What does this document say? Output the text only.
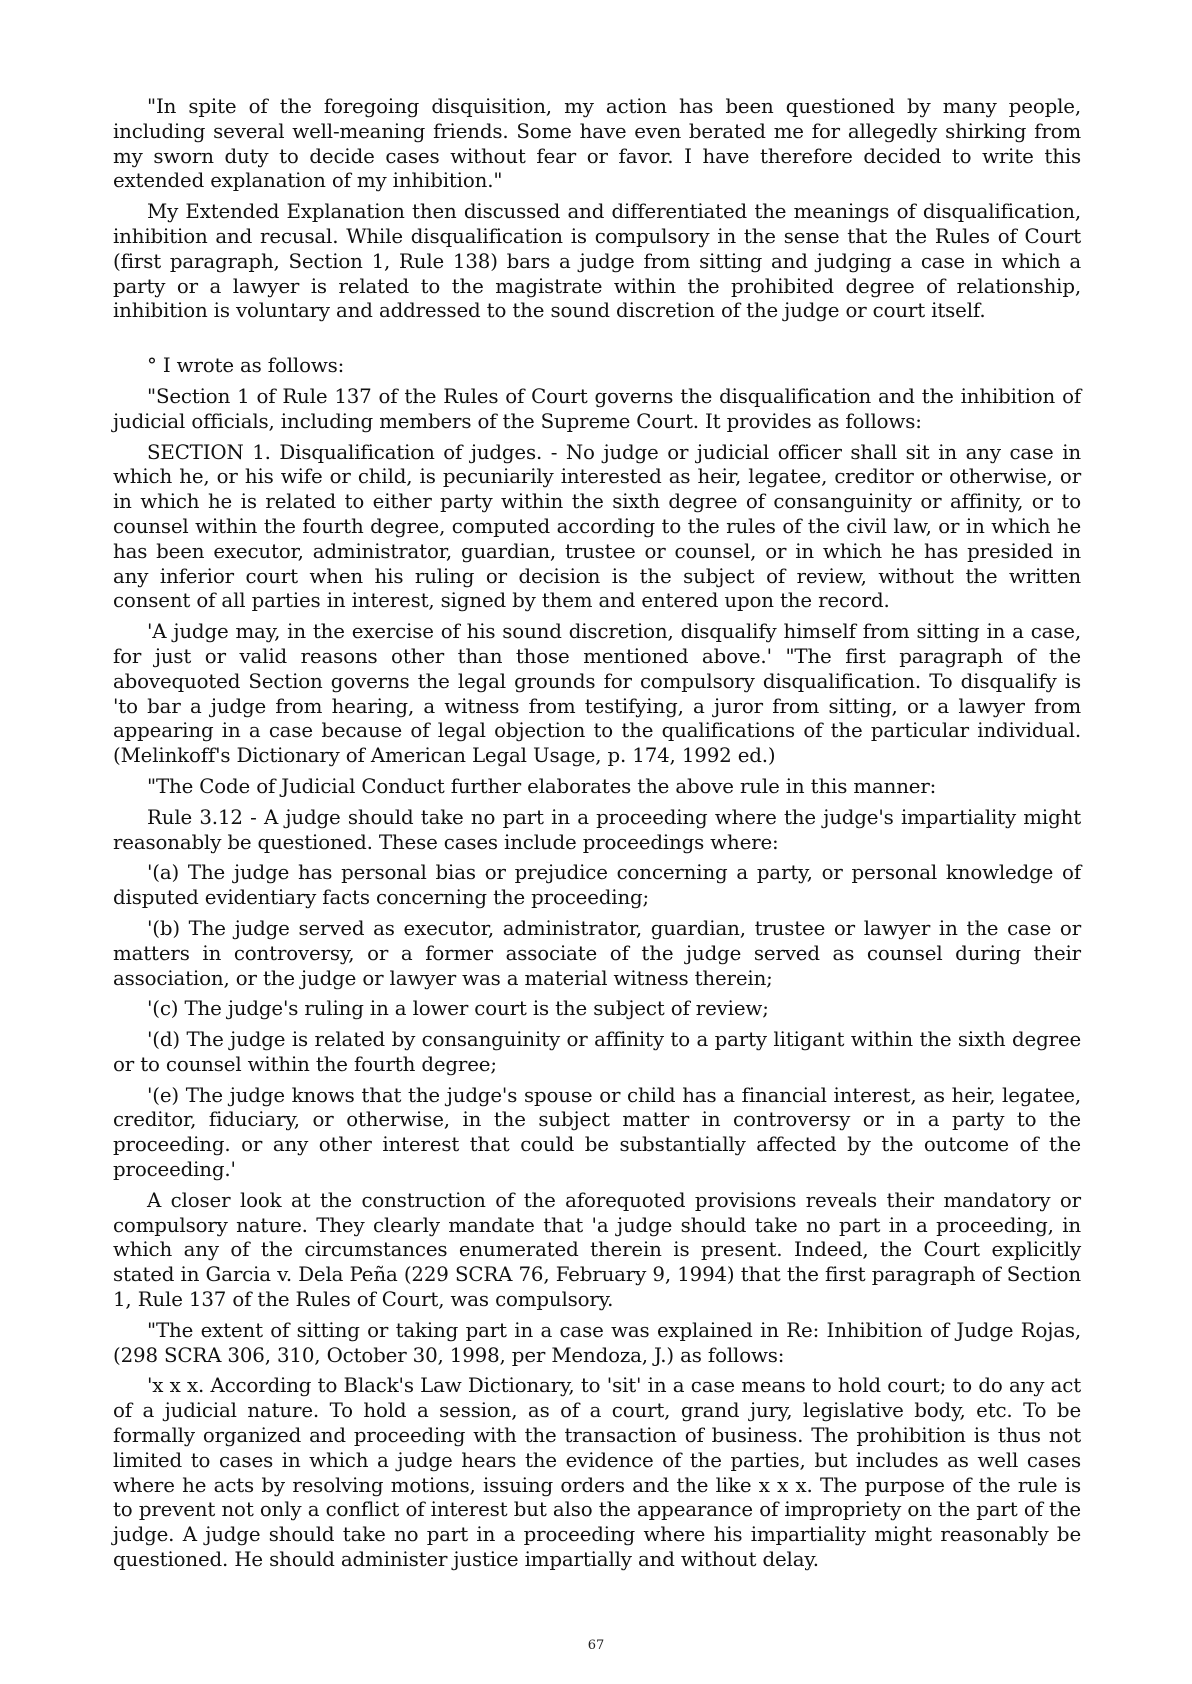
"In spite of the foregoing disquisition, my action has been questioned by many people, including several well-meaning friends. Some have even berated me for allegedly shirking from my sworn duty to decide cases without fear or favor. I have therefore decided to write this extended explanation of my inhibition."

My Extended Explanation then discussed and differentiated the meanings of disqualification, inhibition and recusal. While disqualification is compulsory in the sense that the Rules of Court (first paragraph, Section 1, Rule 138) bars a judge from sitting and judging a case in which a party or a lawyer is related to the magistrate within the prohibited degree of relationship, inhibition is voluntary and addressed to the sound discretion of the judge or court itself.

° I wrote as follows:

"Section 1 of Rule 137 of the Rules of Court governs the disqualification and the inhibition of judicial officials, including members of the Supreme Court. It provides as follows:

SECTION 1. Disqualification of judges. - No judge or judicial officer shall sit in any case in which he, or his wife or child, is pecuniarily interested as heir, legatee, creditor or otherwise, or in which he is related to either party within the sixth degree of consanguinity or affinity, or to counsel within the fourth degree, computed according to the rules of the civil law, or in which he has been executor, administrator, guardian, trustee or counsel, or in which he has presided in any inferior court when his ruling or decision is the subject of review, without the written consent of all parties in interest, signed by them and entered upon the record.

'A judge may, in the exercise of his sound discretion, disqualify himself from sitting in a case, for just or valid reasons other than those mentioned above.' "The first paragraph of the abovequoted Section governs the legal grounds for compulsory disqualification. To disqualify is 'to bar a judge from hearing, a witness from testifying, a juror from sitting, or a lawyer from appearing in a case because of legal objection to the qualifications of the particular individual. (Melinkoff's Dictionary of American Legal Usage, p. 174, 1992 ed.)

"The Code of Judicial Conduct further elaborates the above rule in this manner:

Rule 3.12 - A judge should take no part in a proceeding where the judge's impartiality might reasonably be questioned. These cases include proceedings where:

'(a) The judge has personal bias or prejudice concerning a party, or personal knowledge of disputed evidentiary facts concerning the proceeding;

'(b) The judge served as executor, administrator, guardian, trustee or lawyer in the case or matters in controversy, or a former associate of the judge served as counsel during their association, or the judge or lawyer was a material witness therein;

'(c) The judge's ruling in a lower court is the subject of review;

'(d) The judge is related by consanguinity or affinity to a party litigant within the sixth degree or to counsel within the fourth degree;

'(e) The judge knows that the judge's spouse or child has a financial interest, as heir, legatee, creditor, fiduciary, or otherwise, in the subject matter in controversy or in a party to the proceeding. or any other interest that could be substantially affected by the outcome of the proceeding.'

A closer look at the construction of the aforequoted provisions reveals their mandatory or compulsory nature. They clearly mandate that 'a judge should take no part in a proceeding, in which any of the circumstances enumerated therein is present. Indeed, the Court explicitly stated in Garcia v. Dela Peña (229 SCRA 76, February 9, 1994) that the first paragraph of Section 1, Rule 137 of the Rules of Court, was compulsory.

"The extent of sitting or taking part in a case was explained in Re: Inhibition of Judge Rojas, (298 SCRA 306, 310, October 30, 1998, per Mendoza, J.) as follows:

'x x x. According to Black's Law Dictionary, to 'sit' in a case means to hold court; to do any act of a judicial nature. To hold a session, as of a court, grand jury, legislative body, etc. To be formally organized and proceeding with the transaction of business. The prohibition is thus not limited to cases in which a judge hears the evidence of the parties, but includes as well cases where he acts by resolving motions, issuing orders and the like x x x. The purpose of the rule is to prevent not only a conflict of interest but also the appearance of impropriety on the part of the judge. A judge should take no part in a proceeding where his impartiality might reasonably be questioned. He should administer justice impartially and without delay.

67
